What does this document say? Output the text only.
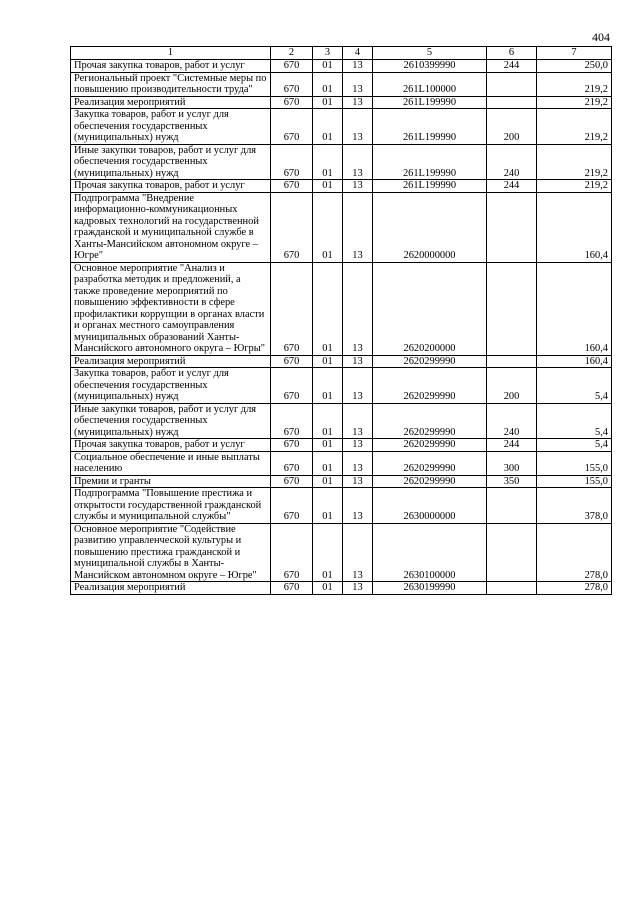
404
1	2	3	4	5	6	7
Прочая закупка товаров, работ и услуг	670	01	13	2610399990	244	250,0
Региональный проект "Системные меры по повышению производительности труда"	670	01	13	261L100000		219,2
Реализация мероприятий	670	01	13	261L199990		219,2
Закупка товаров, работ и услуг для обеспечения государственных (муниципальных) нужд	670	01	13	261L199990	200	219,2
Иные закупки товаров, работ и услуг для обеспечения государственных (муниципальных) нужд	670	01	13	261L199990	240	219,2
Прочая закупка товаров, работ и услуг	670	01	13	261L199990	244	219,2
Подпрограмма "Внедрение информационно-коммуникационных кадровых технологий на государственной гражданской и муниципальной службе в Ханты-Мансийском автономном округе – Югре"	670	01	13	2620000000		160,4
Основное мероприятие "Анализ и разработка методик и предложений, а также проведение мероприятий по повышению эффективности в сфере профилактики коррупции в органах власти и органах местного самоуправления муниципальных образований Ханты-Мансийского автономного округа – Югры"	670	01	13	2620200000		160,4
Реализация мероприятий	670	01	13	2620299990		160,4
Закупка товаров, работ и услуг для обеспечения государственных (муниципальных) нужд	670	01	13	2620299990	200	5,4
Иные закупки товаров, работ и услуг для обеспечения государственных (муниципальных) нужд	670	01	13	2620299990	240	5,4
Прочая закупка товаров, работ и услуг	670	01	13	2620299990	244	5,4
Социальное обеспечение и иные выплаты населению	670	01	13	2620299990	300	155,0
Премии и гранты	670	01	13	2620299990	350	155,0
Подпрограмма "Повышение престижа и открытости государственной гражданской службы и муниципальной службы"	670	01	13	2630000000		378,0
Основное мероприятие "Содействие развитию управленческой культуры и повышению престижа гражданской и муниципальной службы в Ханты-Мансийском автономном округе – Югре"	670	01	13	2630100000		278,0
Реализация мероприятий	670	01	13	2630199990		278,0
